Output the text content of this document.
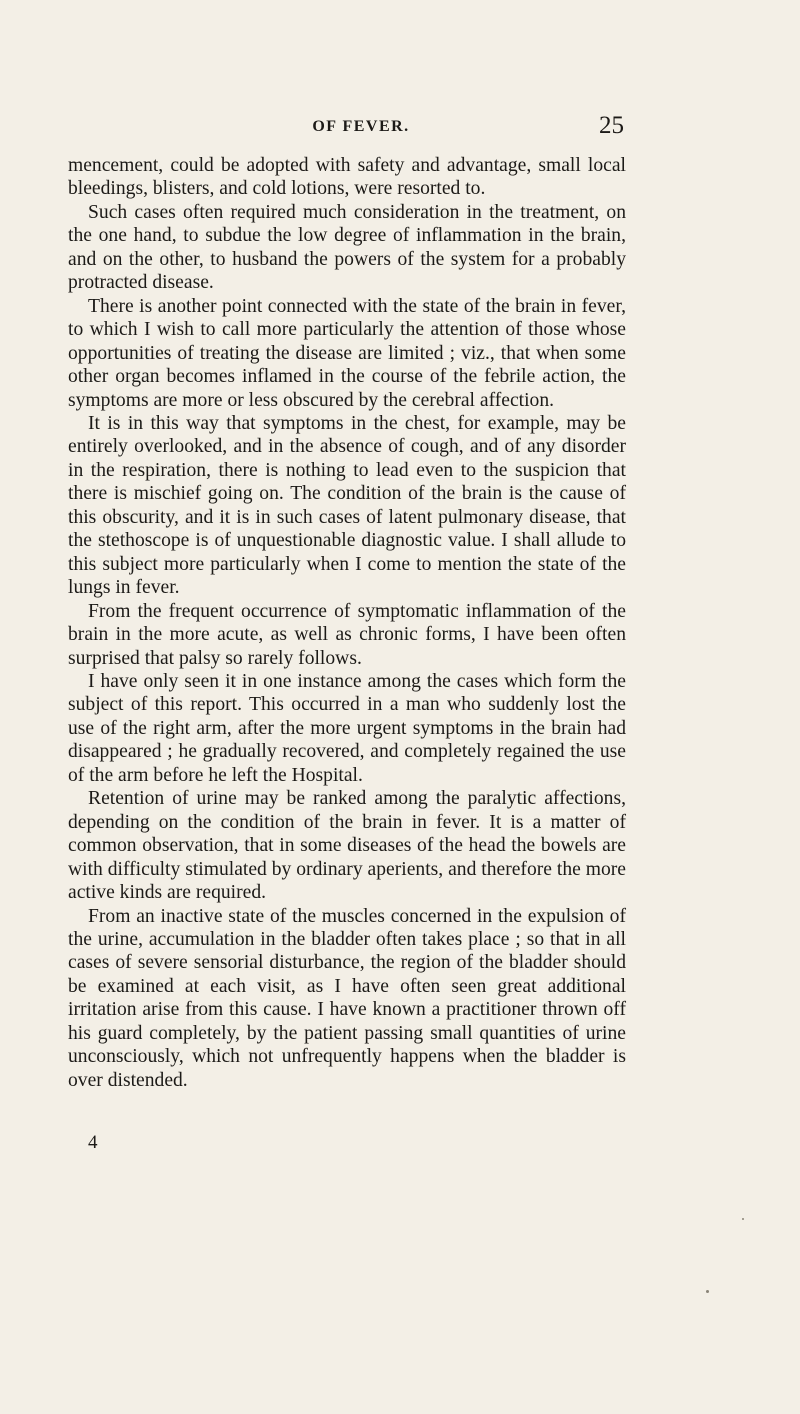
OF FEVER.	25

mencement, could be adopted with safety and advantage, small local bleedings, blisters, and cold lotions, were resorted to.

Such cases often required much consideration in the treatment, on the one hand, to subdue the low degree of inflammation in the brain, and on the other, to husband the powers of the system for a probably protracted disease.

There is another point connected with the state of the brain in fever, to which I wish to call more particularly the attention of those whose opportunities of treating the disease are limited ; viz., that when some other organ becomes inflamed in the course of the febrile action, the symptoms are more or less obscured by the cerebral affection.

It is in this way that symptoms in the chest, for example, may be entirely overlooked, and in the absence of cough, and of any disorder in the respiration, there is nothing to lead even to the suspicion that there is mischief going on. The condition of the brain is the cause of this obscurity, and it is in such cases of latent pulmonary disease, that the stethoscope is of unquestionable diagnostic value. I shall allude to this subject more particularly when I come to mention the state of the lungs in fever.

From the frequent occurrence of symptomatic inflammation of the brain in the more acute, as well as chronic forms, I have been often surprised that palsy so rarely follows.

I have only seen it in one instance among the cases which form the subject of this report. This occurred in a man who suddenly lost the use of the right arm, after the more urgent symptoms in the brain had disappeared ; he gradually recovered, and completely regained the use of the arm before he left the Hospital.

Retention of urine may be ranked among the paralytic affections, depending on the condition of the brain in fever. It is a matter of common observation, that in some diseases of the head the bowels are with difficulty stimulated by ordinary aperients, and therefore the more active kinds are required.

From an inactive state of the muscles concerned in the expulsion of the urine, accumulation in the bladder often takes place ; so that in all cases of severe sensorial disturbance, the region of the bladder should be examined at each visit, as I have often seen great additional irritation arise from this cause. I have known a practitioner thrown off his guard completely, by the patient passing small quantities of urine unconsciously, which not unfrequently happens when the bladder is over distended.

4
